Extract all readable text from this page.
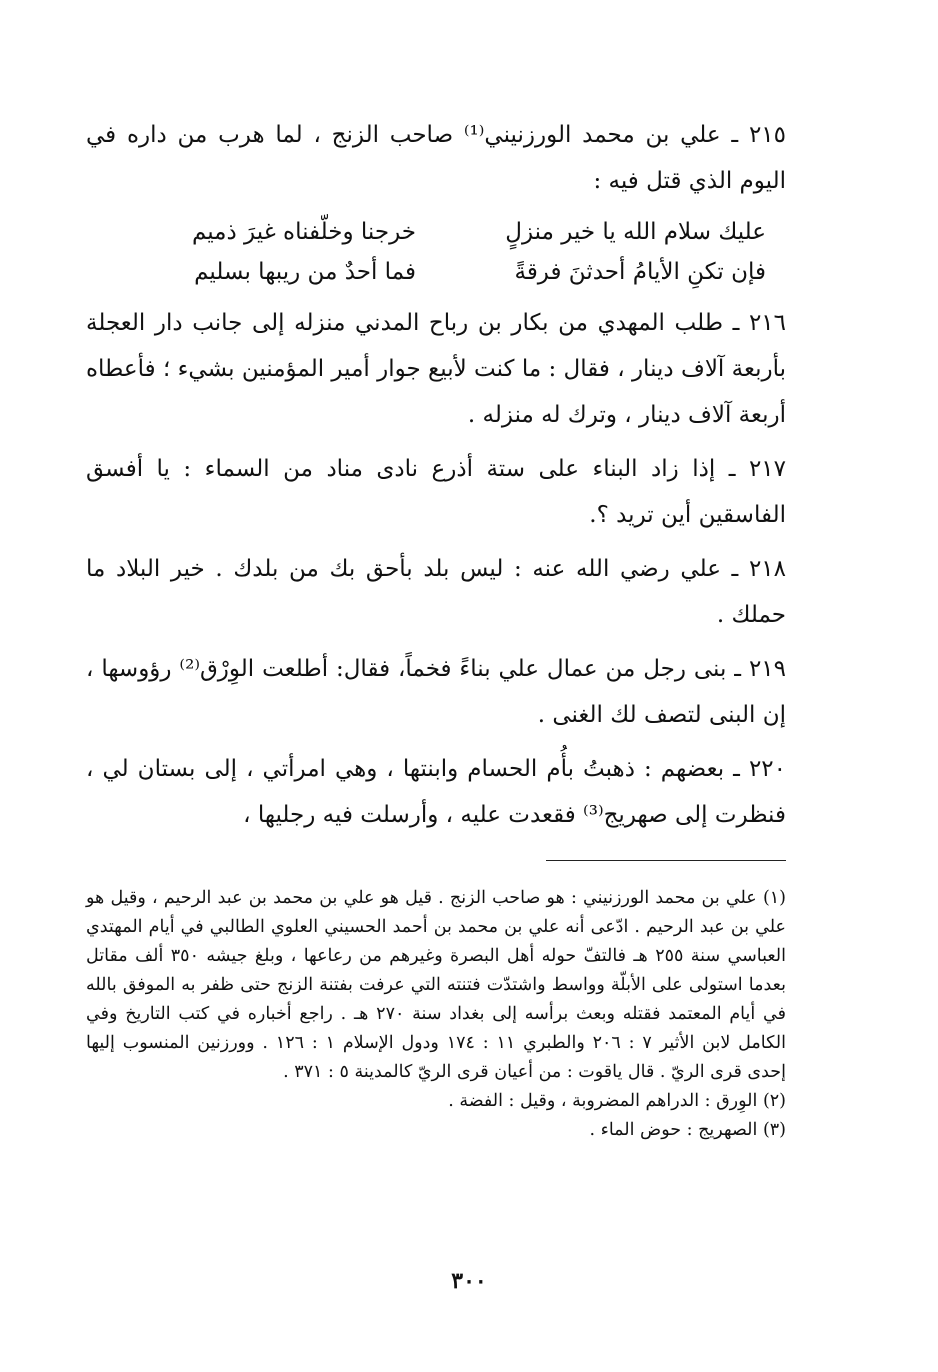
٢١٥ ـ علي بن محمد الورزنيني⁽¹⁾ صاحب الزنج ، لما هرب من داره في اليوم الذي قتل فيه :

عليك سلام الله يا خير منزلٍ
خرجنا وخلّفناه غيرَ ذميم
فإن تكنِ الأيامُ أحدثنَ فرقةً
فما أحدٌ من ريبها بسليم

٢١٦ ـ طلب المهدي من بكار بن رباح المدني منزله إلى جانب دار العجلة بأربعة آلاف دينار ، فقال : ما كنت لأبيع جوار أمير المؤمنين بشيء ؛ فأعطاه أربعة آلاف دينار ، وترك له منزله .

٢١٧ ـ إذا زاد البناء على ستة أذرع نادى مناد من السماء : يا أفسق الفاسقين أين تريد ؟.

٢١٨ ـ علي رضي الله عنه : ليس بلد بأحق بك من بلدك . خير البلاد ما حملك .

٢١٩ ـ بنى رجل من عمال علي بناءً فخماً، فقال: أطلعت الوِرْق⁽²⁾ رؤوسها ، إن البنى لتصف لك الغنى .

٢٢٠ ـ بعضهم : ذهبتُ بأُم الحسام وابنتها ، وهي امرأتي ، إلى بستان لي ، فنظرت إلى صهريج⁽³⁾ فقعدت عليه ، وأرسلت فيه رجليها ،

(١) علي بن محمد الورزنيني : هو صاحب الزنج . قيل هو علي بن محمد بن عبد الرحيم ، وقيل هو علي بن عبد الرحيم . ادّعى أنه علي بن محمد بن أحمد الحسيني العلوي الطالبي في أيام المهتدي العباسي سنة ٢٥٥ هـ فالتفّ حوله أهل البصرة وغيرهم من رعاعها ، وبلغ جيشه ٣٥٠ ألف مقاتل بعدما استولى على الأبلّة وواسط واشتدّت فتنته التي عرفت بفتنة الزنج حتى ظفر به الموفق بالله في أيام المعتمد فقتله وبعث برأسه إلى بغداد سنة ٢٧٠ هـ . راجع أخباره في كتب التاريخ وفي الكامل لابن الأثير ٧ : ٢٠٦ والطبري ١١ : ١٧٤ ودول الإسلام ١ : ١٢٦ . وورزنين المنسوب إليها إحدى قرى الريّ . قال ياقوت : من أعيان قرى الريّ كالمدينة ٥ : ٣٧١ .

(٢) الوِرق : الدراهم المضروبة ، وقيل : الفضة .

(٣) الصهريج : حوض الماء .

٣٠٠
